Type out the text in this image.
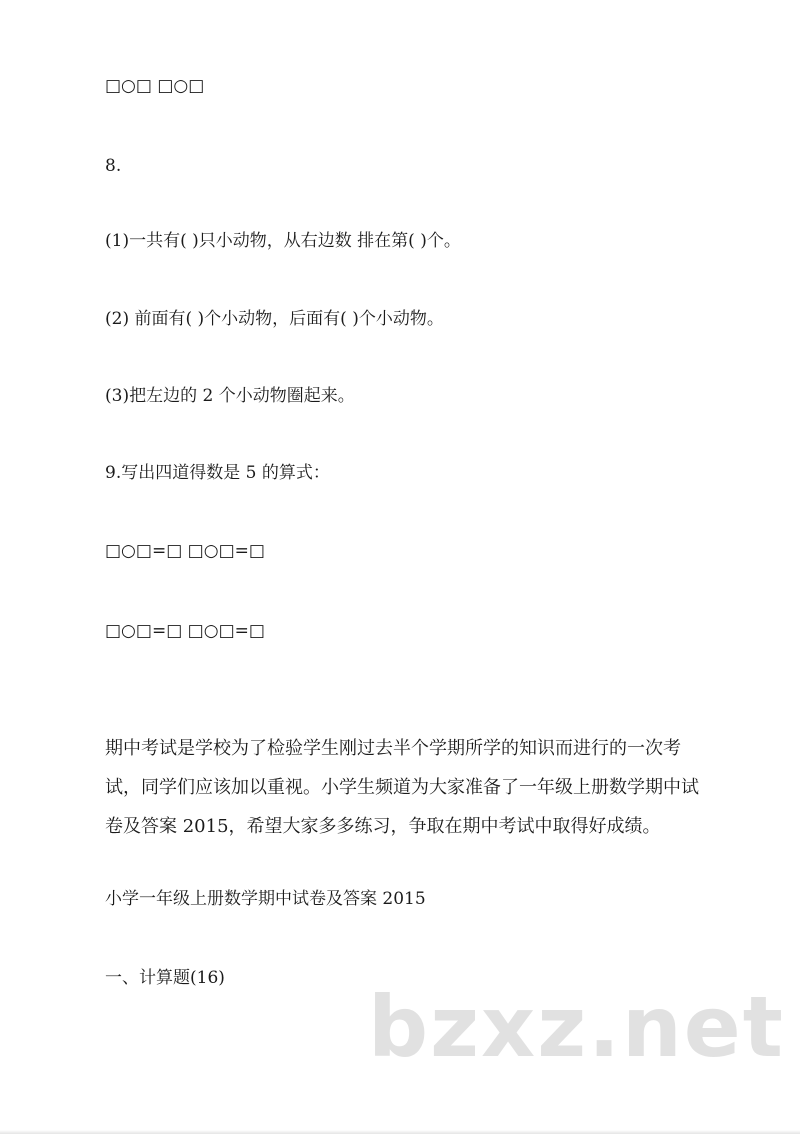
□○□ □○□
8.
(1)一共有( )只小动物，从右边数 排在第( )个。
(2) 前面有( )个小动物，后面有( )个小动物。
(3)把左边的 2 个小动物圈起来。
9.写出四道得数是 5 的算式：
□○□=□ □○□=□
□○□=□ □○□=□
期中考试是学校为了检验学生刚过去半个学期所学的知识而进行的一次考
试，同学们应该加以重视。小学生频道为大家准备了一年级上册数学期中试
卷及答案 2015，希望大家多多练习，争取在期中考试中取得好成绩。
小学一年级上册数学期中试卷及答案 2015
一、计算题(16) bzxz.net
